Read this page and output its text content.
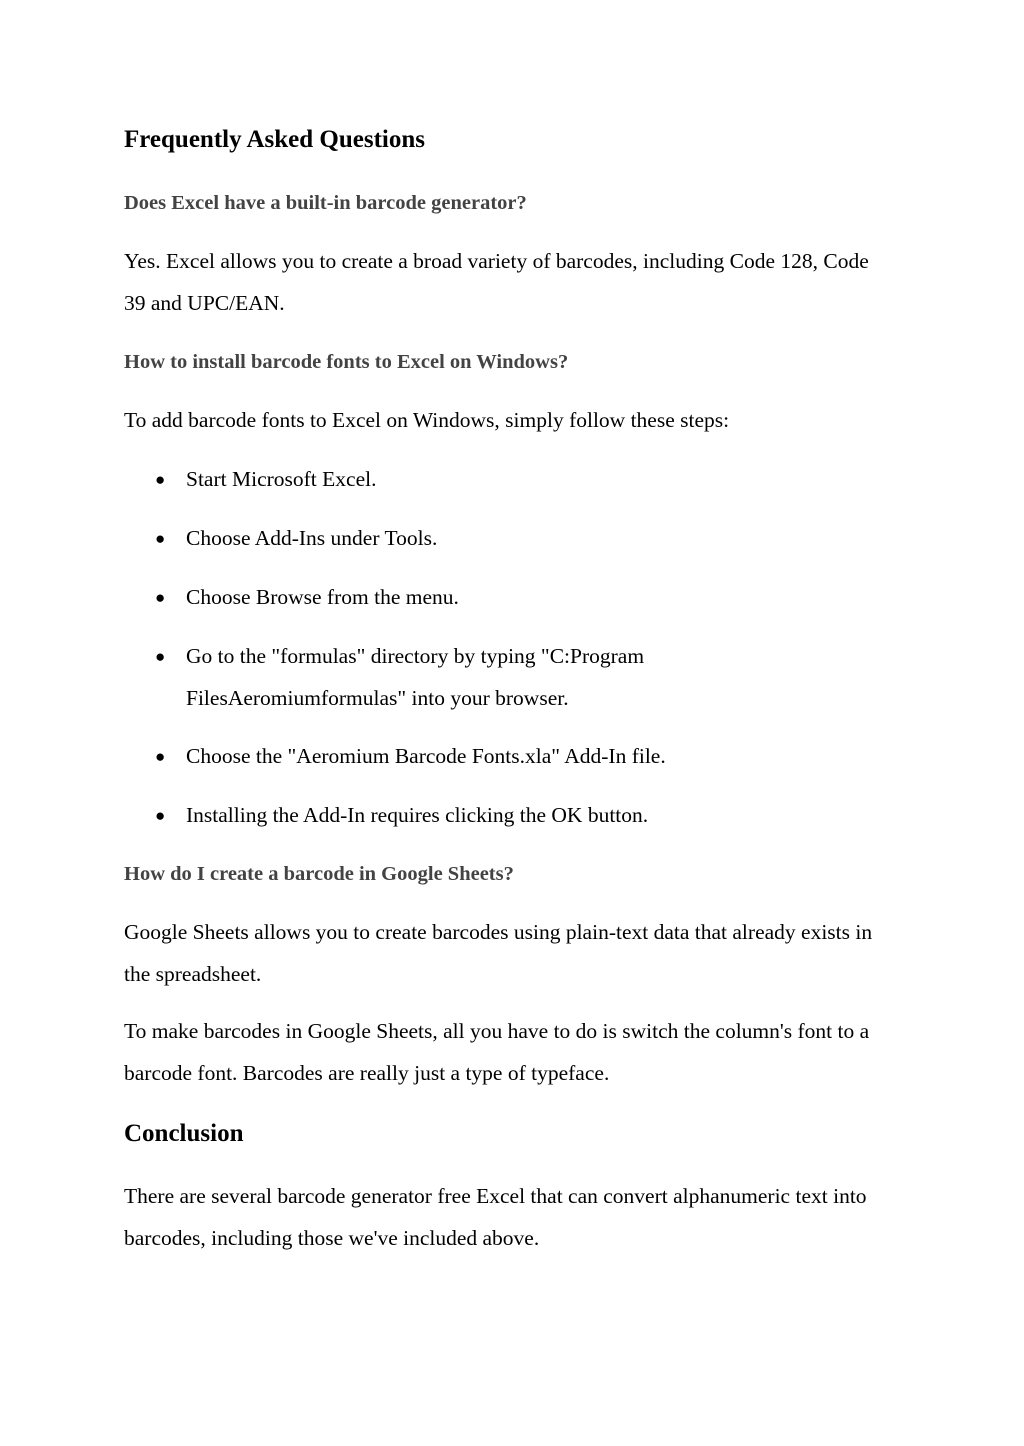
Frequently Asked Questions
Does Excel have a built-in barcode generator?

Yes. Excel allows you to create a broad variety of barcodes, including Code 128, Code 39 and UPC/EAN.

How to install barcode fonts to Excel on Windows?

To add barcode fonts to Excel on Windows, simply follow these steps:

● Start Microsoft Excel.
● Choose Add-Ins under Tools.
● Choose Browse from the menu.
● Go to the "formulas" directory by typing "C:Program FilesAeromiumformulas" into your browser.
● Choose the "Aeromium Barcode Fonts.xla" Add-In file.
● Installing the Add-In requires clicking the OK button.
How do I create a barcode in Google Sheets?

Google Sheets allows you to create barcodes using plain-text data that already exists in the spreadsheet.

To make barcodes in Google Sheets, all you have to do is switch the column's font to a barcode font. Barcodes are really just a type of typeface.

Conclusion

There are several barcode generator free Excel that can convert alphanumeric text into barcodes, including those we've included above.
